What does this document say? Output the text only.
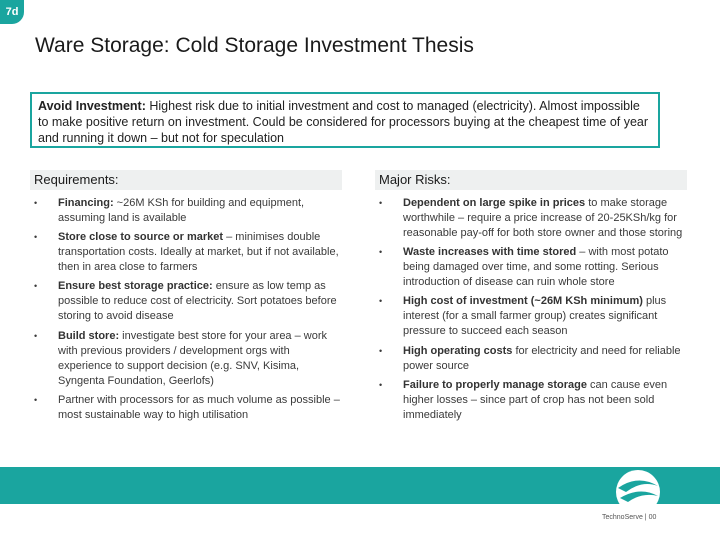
7d
Ware Storage: Cold Storage Investment Thesis
Avoid Investment: Highest risk due to initial investment and cost to managed (electricity). Almost impossible to make positive return on investment. Could be considered for processors buying at the cheapest time of year and running it down – but not for speculation
Requirements:	Major Risks:
• Financing: ~26M KSh for building and equipment, assuming land is available
• Store close to source or market – minimises double transportation costs. Ideally at market, but if not available, then in area close to farmers
• Ensure best storage practice: ensure as low temp as possible to reduce cost of electricity. Sort potatoes before storing to avoid disease
• Build store: investigate best store for your area – work with previous providers / development orgs with experience to support decision (e.g. SNV, Kisima, Syngenta Foundation, Geerlofs)
• Partner with processors for as much volume as possible – most sustainable way to high utilisation
• Dependent on large spike in prices to make storage worthwhile – require a price increase of 20-25KSh/kg for reasonable pay-off for both store owner and those storing
• Waste increases with time stored – with most potato being damaged over time, and some rotting. Serious introduction of disease can ruin whole store
• High cost of investment (~26M KSh minimum) plus interest (for a small farmer group) creates significant pressure to succeed each season
• High operating costs for electricity and need for reliable power source
• Failure to properly manage storage can cause even higher losses – since part of crop has not been sold immediately
TechnoServe | 00
